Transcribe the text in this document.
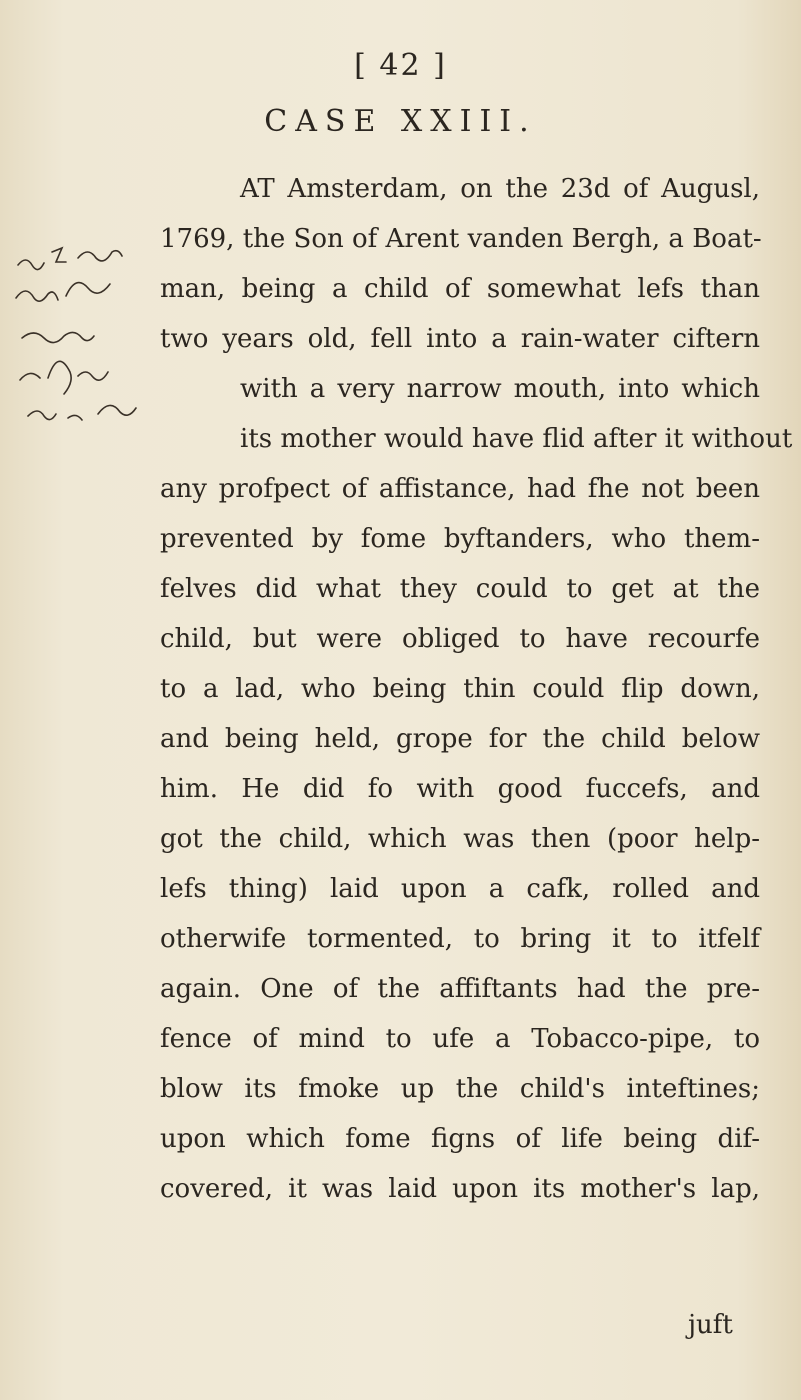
[ 42 ]
CASE XXIII.
AT Amsterdam, on the 23d of Augusl,
1769, the Son of Arent vanden Bergh, a Boat-
man, being a child of somewhat lefs than
two years old, fell into a rain-water ciftern
with a very narrow mouth, into which
its mother would have flid after it without
any profpect of affistance, had fhe not been
prevented by fome byftanders, who them-
felves did what they could to get at the
child, but were obliged to have recourfe
to a lad, who being thin could flip down,
and being held, grope for the child below
him. He did fo with good fuccefs, and
got the child, which was then (poor help-
lefs thing) laid upon a cafk, rolled and
otherwife tormented, to bring it to itfelf
again. One of the affiftants had the pre-
fence of mind to ufe a Tobacco-pipe, to
blow its fmoke up the child's inteftines;
upon which fome figns of life being dif-
covered, it was laid upon its mother's lap,
juft
